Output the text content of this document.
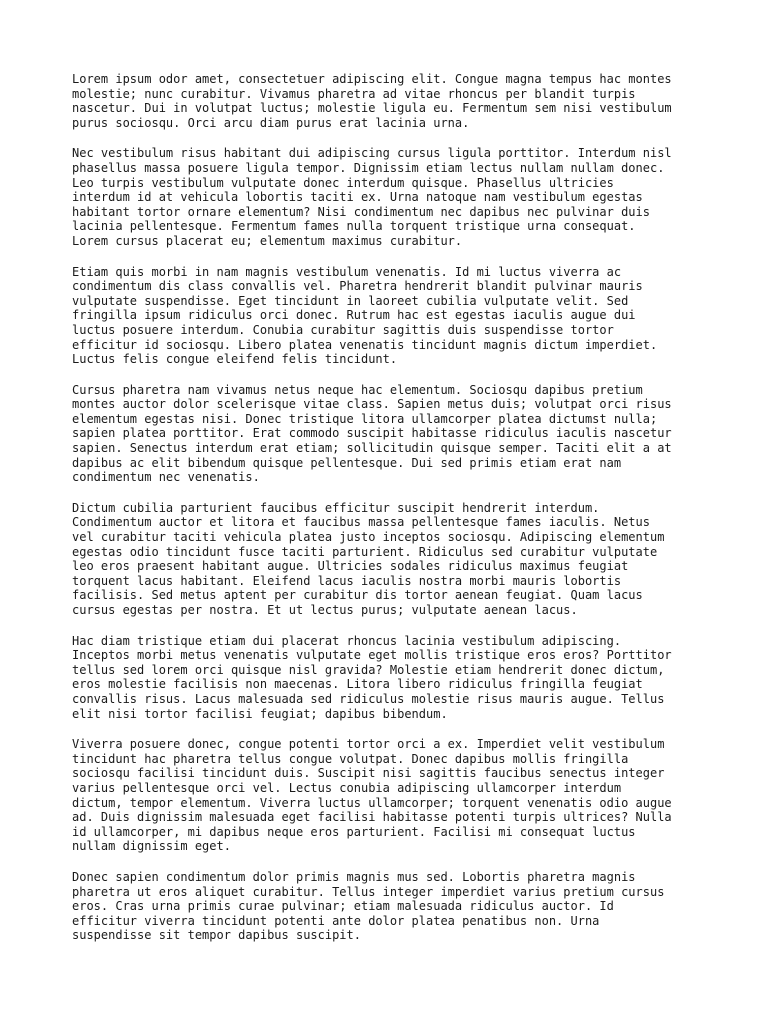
Lorem ipsum odor amet, consectetuer adipiscing elit. Congue magna tempus hac montes
molestie; nunc curabitur. Vivamus pharetra ad vitae rhoncus per blandit turpis
nascetur. Dui in volutpat luctus; molestie ligula eu. Fermentum sem nisi vestibulum
purus sociosqu. Orci arcu diam purus erat lacinia urna.

Nec vestibulum risus habitant dui adipiscing cursus ligula porttitor. Interdum nisl
phasellus massa posuere ligula tempor. Dignissim etiam lectus nullam nullam donec.
Leo turpis vestibulum vulputate donec interdum quisque. Phasellus ultricies
interdum id at vehicula lobortis taciti ex. Urna natoque nam vestibulum egestas
habitant tortor ornare elementum? Nisi condimentum nec dapibus nec pulvinar duis
lacinia pellentesque. Fermentum fames nulla torquent tristique urna consequat.
Lorem cursus placerat eu; elementum maximus curabitur.

Etiam quis morbi in nam magnis vestibulum venenatis. Id mi luctus viverra ac
condimentum dis class convallis vel. Pharetra hendrerit blandit pulvinar mauris
vulputate suspendisse. Eget tincidunt in laoreet cubilia vulputate velit. Sed
fringilla ipsum ridiculus orci donec. Rutrum hac est egestas iaculis augue dui
luctus posuere interdum. Conubia curabitur sagittis duis suspendisse tortor
efficitur id sociosqu. Libero platea venenatis tincidunt magnis dictum imperdiet.
Luctus felis congue eleifend felis tincidunt.

Cursus pharetra nam vivamus netus neque hac elementum. Sociosqu dapibus pretium
montes auctor dolor scelerisque vitae class. Sapien metus duis; volutpat orci risus
elementum egestas nisi. Donec tristique litora ullamcorper platea dictumst nulla;
sapien platea porttitor. Erat commodo suscipit habitasse ridiculus iaculis nascetur
sapien. Senectus interdum erat etiam; sollicitudin quisque semper. Taciti elit a at
dapibus ac elit bibendum quisque pellentesque. Dui sed primis etiam erat nam
condimentum nec venenatis.

Dictum cubilia parturient faucibus efficitur suscipit hendrerit interdum.
Condimentum auctor et litora et faucibus massa pellentesque fames iaculis. Netus
vel curabitur taciti vehicula platea justo inceptos sociosqu. Adipiscing elementum
egestas odio tincidunt fusce taciti parturient. Ridiculus sed curabitur vulputate
leo eros praesent habitant augue. Ultricies sodales ridiculus maximus feugiat
torquent lacus habitant. Eleifend lacus iaculis nostra morbi mauris lobortis
facilisis. Sed metus aptent per curabitur dis tortor aenean feugiat. Quam lacus
cursus egestas per nostra. Et ut lectus purus; vulputate aenean lacus.

Hac diam tristique etiam dui placerat rhoncus lacinia vestibulum adipiscing.
Inceptos morbi metus venenatis vulputate eget mollis tristique eros eros? Porttitor
tellus sed lorem orci quisque nisl gravida? Molestie etiam hendrerit donec dictum,
eros molestie facilisis non maecenas. Litora libero ridiculus fringilla feugiat
convallis risus. Lacus malesuada sed ridiculus molestie risus mauris augue. Tellus
elit nisi tortor facilisi feugiat; dapibus bibendum.

Viverra posuere donec, congue potenti tortor orci a ex. Imperdiet velit vestibulum
tincidunt hac pharetra tellus congue volutpat. Donec dapibus mollis fringilla
sociosqu facilisi tincidunt duis. Suscipit nisi sagittis faucibus senectus integer
varius pellentesque orci vel. Lectus conubia adipiscing ullamcorper interdum
dictum, tempor elementum. Viverra luctus ullamcorper; torquent venenatis odio augue
ad. Duis dignissim malesuada eget facilisi habitasse potenti turpis ultrices? Nulla
id ullamcorper, mi dapibus neque eros parturient. Facilisi mi consequat luctus
nullam dignissim eget.

Donec sapien condimentum dolor primis magnis mus sed. Lobortis pharetra magnis
pharetra ut eros aliquet curabitur. Tellus integer imperdiet varius pretium cursus
eros. Cras urna primis curae pulvinar; etiam malesuada ridiculus auctor. Id
efficitur viverra tincidunt potenti ante dolor platea penatibus non. Urna
suspendisse sit tempor dapibus suscipit.
